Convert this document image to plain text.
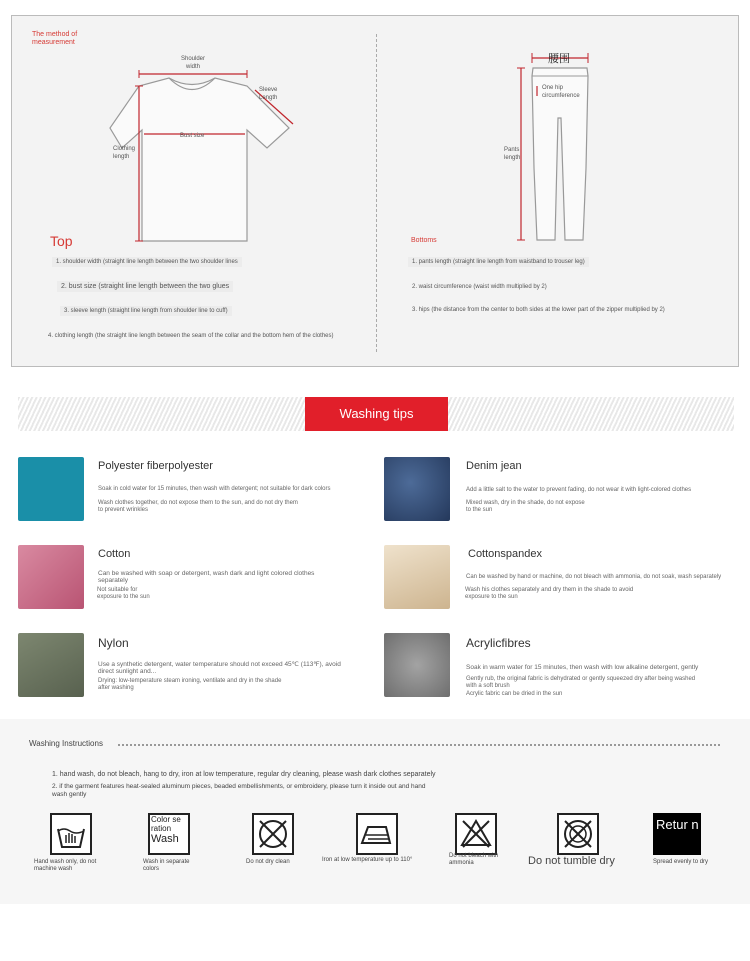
The method of measurement
Shoulder width
Sleeve Length
Bust size
Clothing length
Top
1. shoulder width (straight line length between the two shoulder lines
2. bust size (straight line length between the two glues
3. sleeve length (straight line length from shoulder line to cuff)
4. clothing length (the straight line length between the seam of the collar and the bottom hem of the clothes)
腰围
One hip circumference
Pants length
Bottoms
1. pants length (straight line length from waistband to trouser leg)
2. waist circumference (waist width multiplied by 2)
3. hips (the distance from the center to both sides at the lower part of the zipper multiplied by 2)
Washing tips
Polyester fiberpolyester
Soak in cold water for 15 minutes, then wash with detergent; not suitable for dark colors
Wash clothes together, do not expose them to the sun, and do not dry them to prevent wrinkles
Denim jean
Add a little salt to the water to prevent fading, do not wear it with light-colored clothes
Mixed wash, dry in the shade, do not expose to the sun
Cotton
Can be washed with soap or detergent, wash dark and light colored clothes separately
Not suitable for exposure to the sun
Cottonspandex
Can be washed by hand or machine, do not bleach with ammonia, do not soak, wash separately
Wash his clothes separately and dry them in the shade to avoid exposure to the sun
Nylon
Use a synthetic detergent, water temperature should not exceed 45℃ (113℉), avoid direct sunlight and...
Drying: low-temperature steam ironing, ventilate and dry in the shade after washing
Acrylicfibres
Soak in warm water for 15 minutes, then wash with low alkaline detergent, gently
Gently rub, the original fabric is dehydrated or gently squeezed dry after being washed with a soft brush
Acrylic fabric can be dried in the sun
Washing Instructions
1. hand wash, do not bleach, hang to dry, iron at low temperature, regular dry cleaning, please wash dark clothes separately
2. if the garment features heat-sealed aluminum pieces, beaded embellishments, or embroidery, please turn it inside out and hand wash gently
Hand wash only, do not machine wash
Color se ration
Wash
Wash in separate colors
Do not dry clean	Iron at low temperature up to 110°
Do not bleach with ammonia	Do not tumble dry
Retur n
Spread evenly to dry
